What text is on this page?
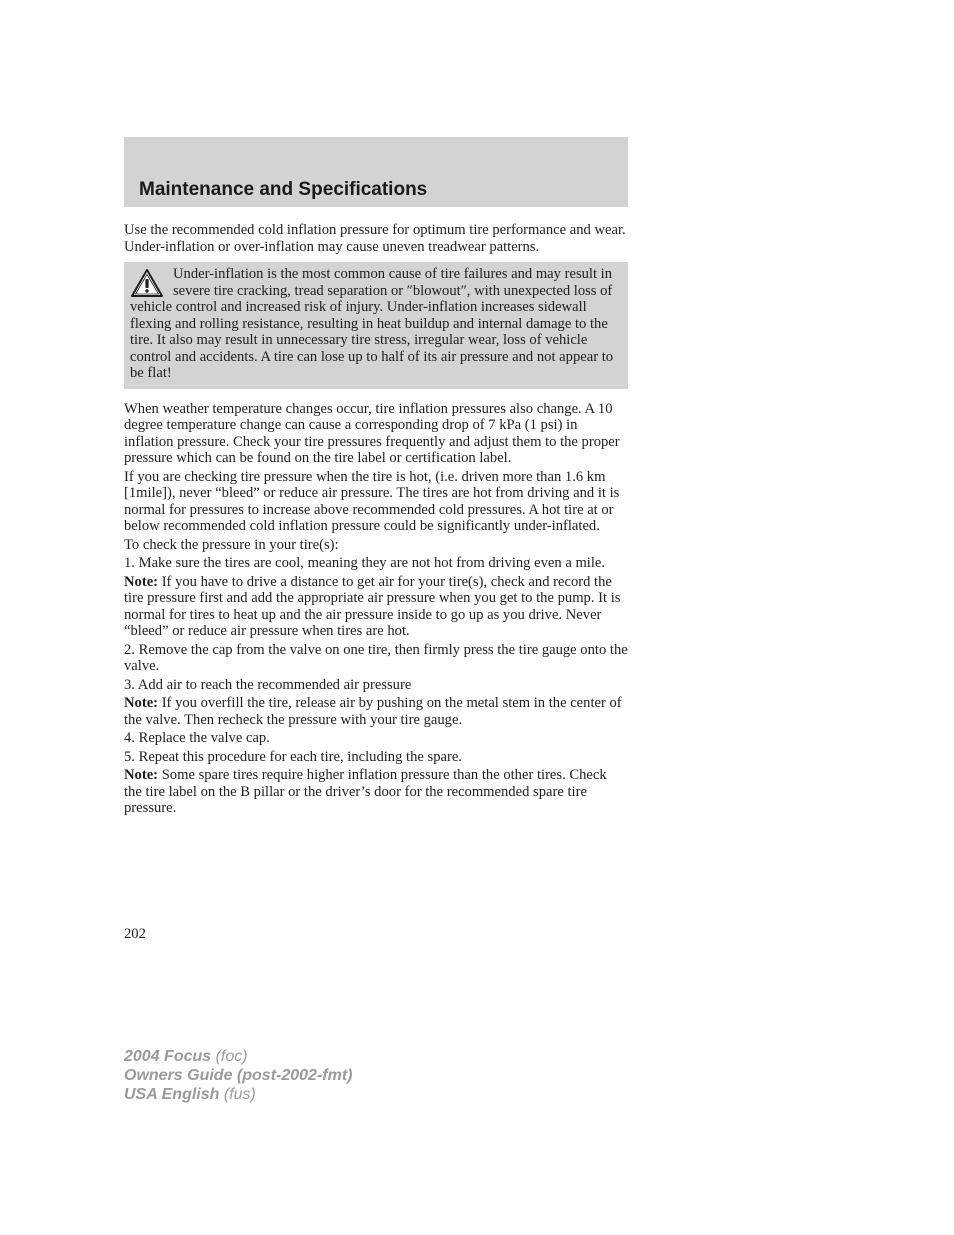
Maintenance and Specifications

Use the recommended cold inflation pressure for optimum tire performance and wear. Under-inflation or over-inflation may cause uneven treadwear patterns.

Under-inflation is the most common cause of tire failures and may result in severe tire cracking, tread separation or ″blowout″, with unexpected loss of vehicle control and increased risk of injury. Under-inflation increases sidewall flexing and rolling resistance, resulting in heat buildup and internal damage to the tire. It also may result in unnecessary tire stress, irregular wear, loss of vehicle control and accidents. A tire can lose up to half of its air pressure and not appear to be flat!

When weather temperature changes occur, tire inflation pressures also change. A 10 degree temperature change can cause a corresponding drop of 7 kPa (1 psi) in inflation pressure. Check your tire pressures frequently and adjust them to the proper pressure which can be found on the tire label or certification label.

If you are checking tire pressure when the tire is hot, (i.e. driven more than 1.6 km [1mile]), never “bleed” or reduce air pressure. The tires are hot from driving and it is normal for pressures to increase above recommended cold pressures. A hot tire at or below recommended cold inflation pressure could be significantly under-inflated.

To check the pressure in your tire(s):

1. Make sure the tires are cool, meaning they are not hot from driving even a mile.

Note: If you have to drive a distance to get air for your tire(s), check and record the tire pressure first and add the appropriate air pressure when you get to the pump. It is normal for tires to heat up and the air pressure inside to go up as you drive. Never “bleed” or reduce air pressure when tires are hot.

2. Remove the cap from the valve on one tire, then firmly press the tire gauge onto the valve.

3. Add air to reach the recommended air pressure

Note: If you overfill the tire, release air by pushing on the metal stem in the center of the valve. Then recheck the pressure with your tire gauge.

4. Replace the valve cap.

5. Repeat this procedure for each tire, including the spare.

Note: Some spare tires require higher inflation pressure than the other tires. Check the tire label on the B pillar or the driver’s door for the recommended spare tire pressure.

202
2004 Focus (foc)
Owners Guide (post-2002-fmt)
USA English (fus)
